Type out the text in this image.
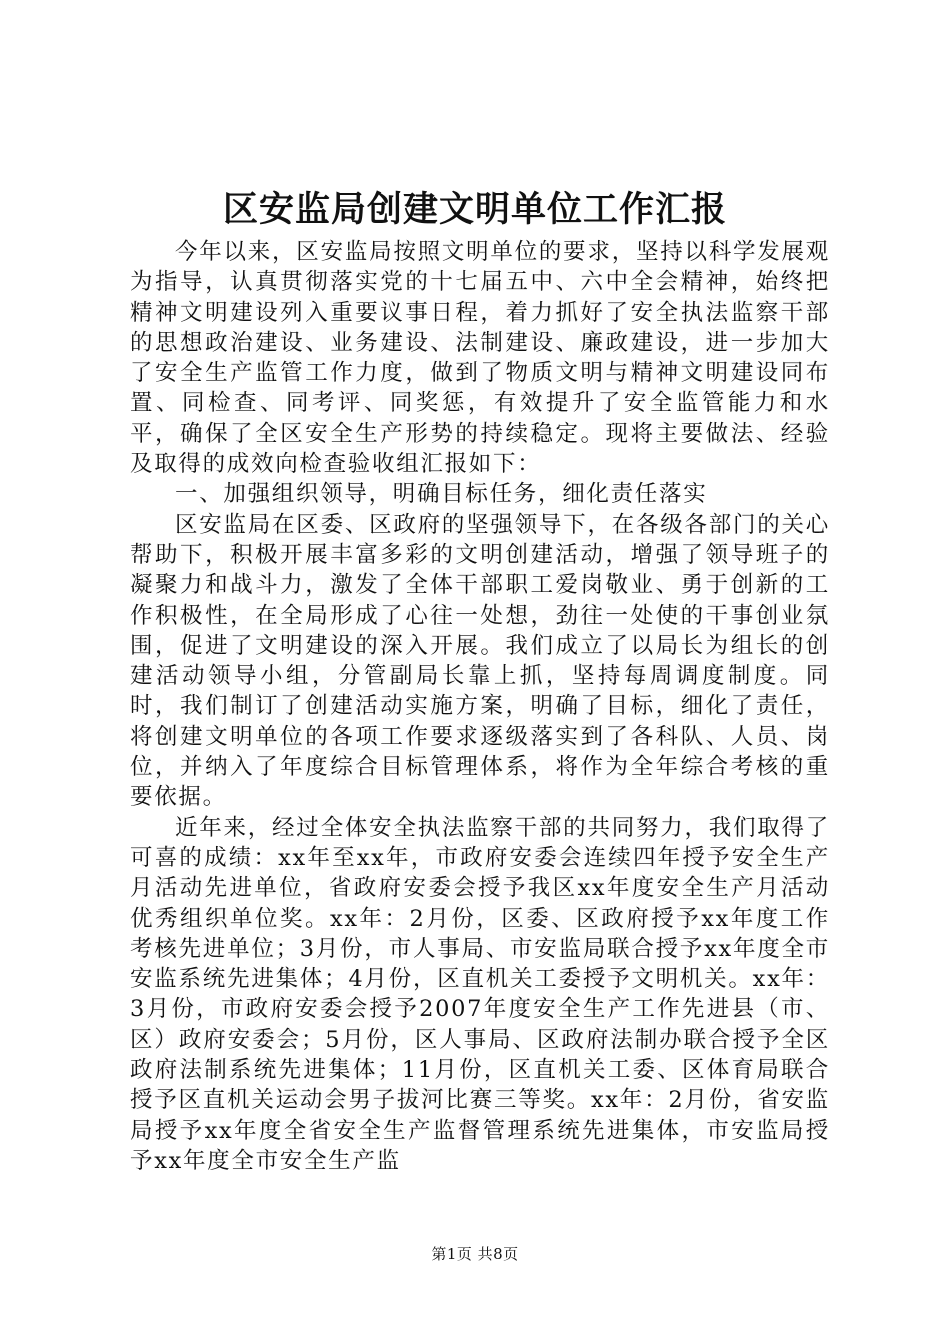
区安监局创建文明单位工作汇报

今年以来，区安监局按照文明单位的要求，坚持以科学发展观为指导，认真贯彻落实党的十七届五中、六中全会精神，始终把精神文明建设列入重要议事日程，着力抓好了安全执法监察干部的思想政治建设、业务建设、法制建设、廉政建设，进一步加大了安全生产监管工作力度，做到了物质文明与精神文明建设同布置、同检查、同考评、同奖惩，有效提升了安全监管能力和水平，确保了全区安全生产形势的持续稳定。现将主要做法、经验及取得的成效向检查验收组汇报如下：

一、加强组织领导，明确目标任务，细化责任落实

区安监局在区委、区政府的坚强领导下，在各级各部门的关心帮助下，积极开展丰富多彩的文明创建活动，增强了领导班子的凝聚力和战斗力，激发了全体干部职工爱岗敬业、勇于创新的工作积极性，在全局形成了心往一处想，劲往一处使的干事创业氛围，促进了文明建设的深入开展。我们成立了以局长为组长的创建活动领导小组，分管副局长靠上抓，坚持每周调度制度。同时，我们制订了创建活动实施方案，明确了目标，细化了责任，将创建文明单位的各项工作要求逐级落实到了各科队、人员、岗位，并纳入了年度综合目标管理体系，将作为全年综合考核的重要依据。

近年来，经过全体安全执法监察干部的共同努力，我们取得了可喜的成绩：xx年至xx年，市政府安委会连续四年授予安全生产月活动先进单位，省政府安委会授予我区xx年度安全生产月活动优秀组织单位奖。xx年：2月份，区委、区政府授予xx年度工作考核先进单位；3月份，市人事局、市安监局联合授予xx年度全市安监系统先进集体；4月份，区直机关工委授予文明机关。xx年：3月份，市政府安委会授予2007年度安全生产工作先进县（市、区）政府安委会；5月份，区人事局、区政府法制办联合授予全区政府法制系统先进集体；11月份，区直机关工委、区体育局联合授予区直机关运动会男子拔河比赛三等奖。xx年：2月份，省安监局授予xx年度全省安全生产监督管理系统先进集体，市安监局授予xx年度全市安全生产监

第1页 共8页
